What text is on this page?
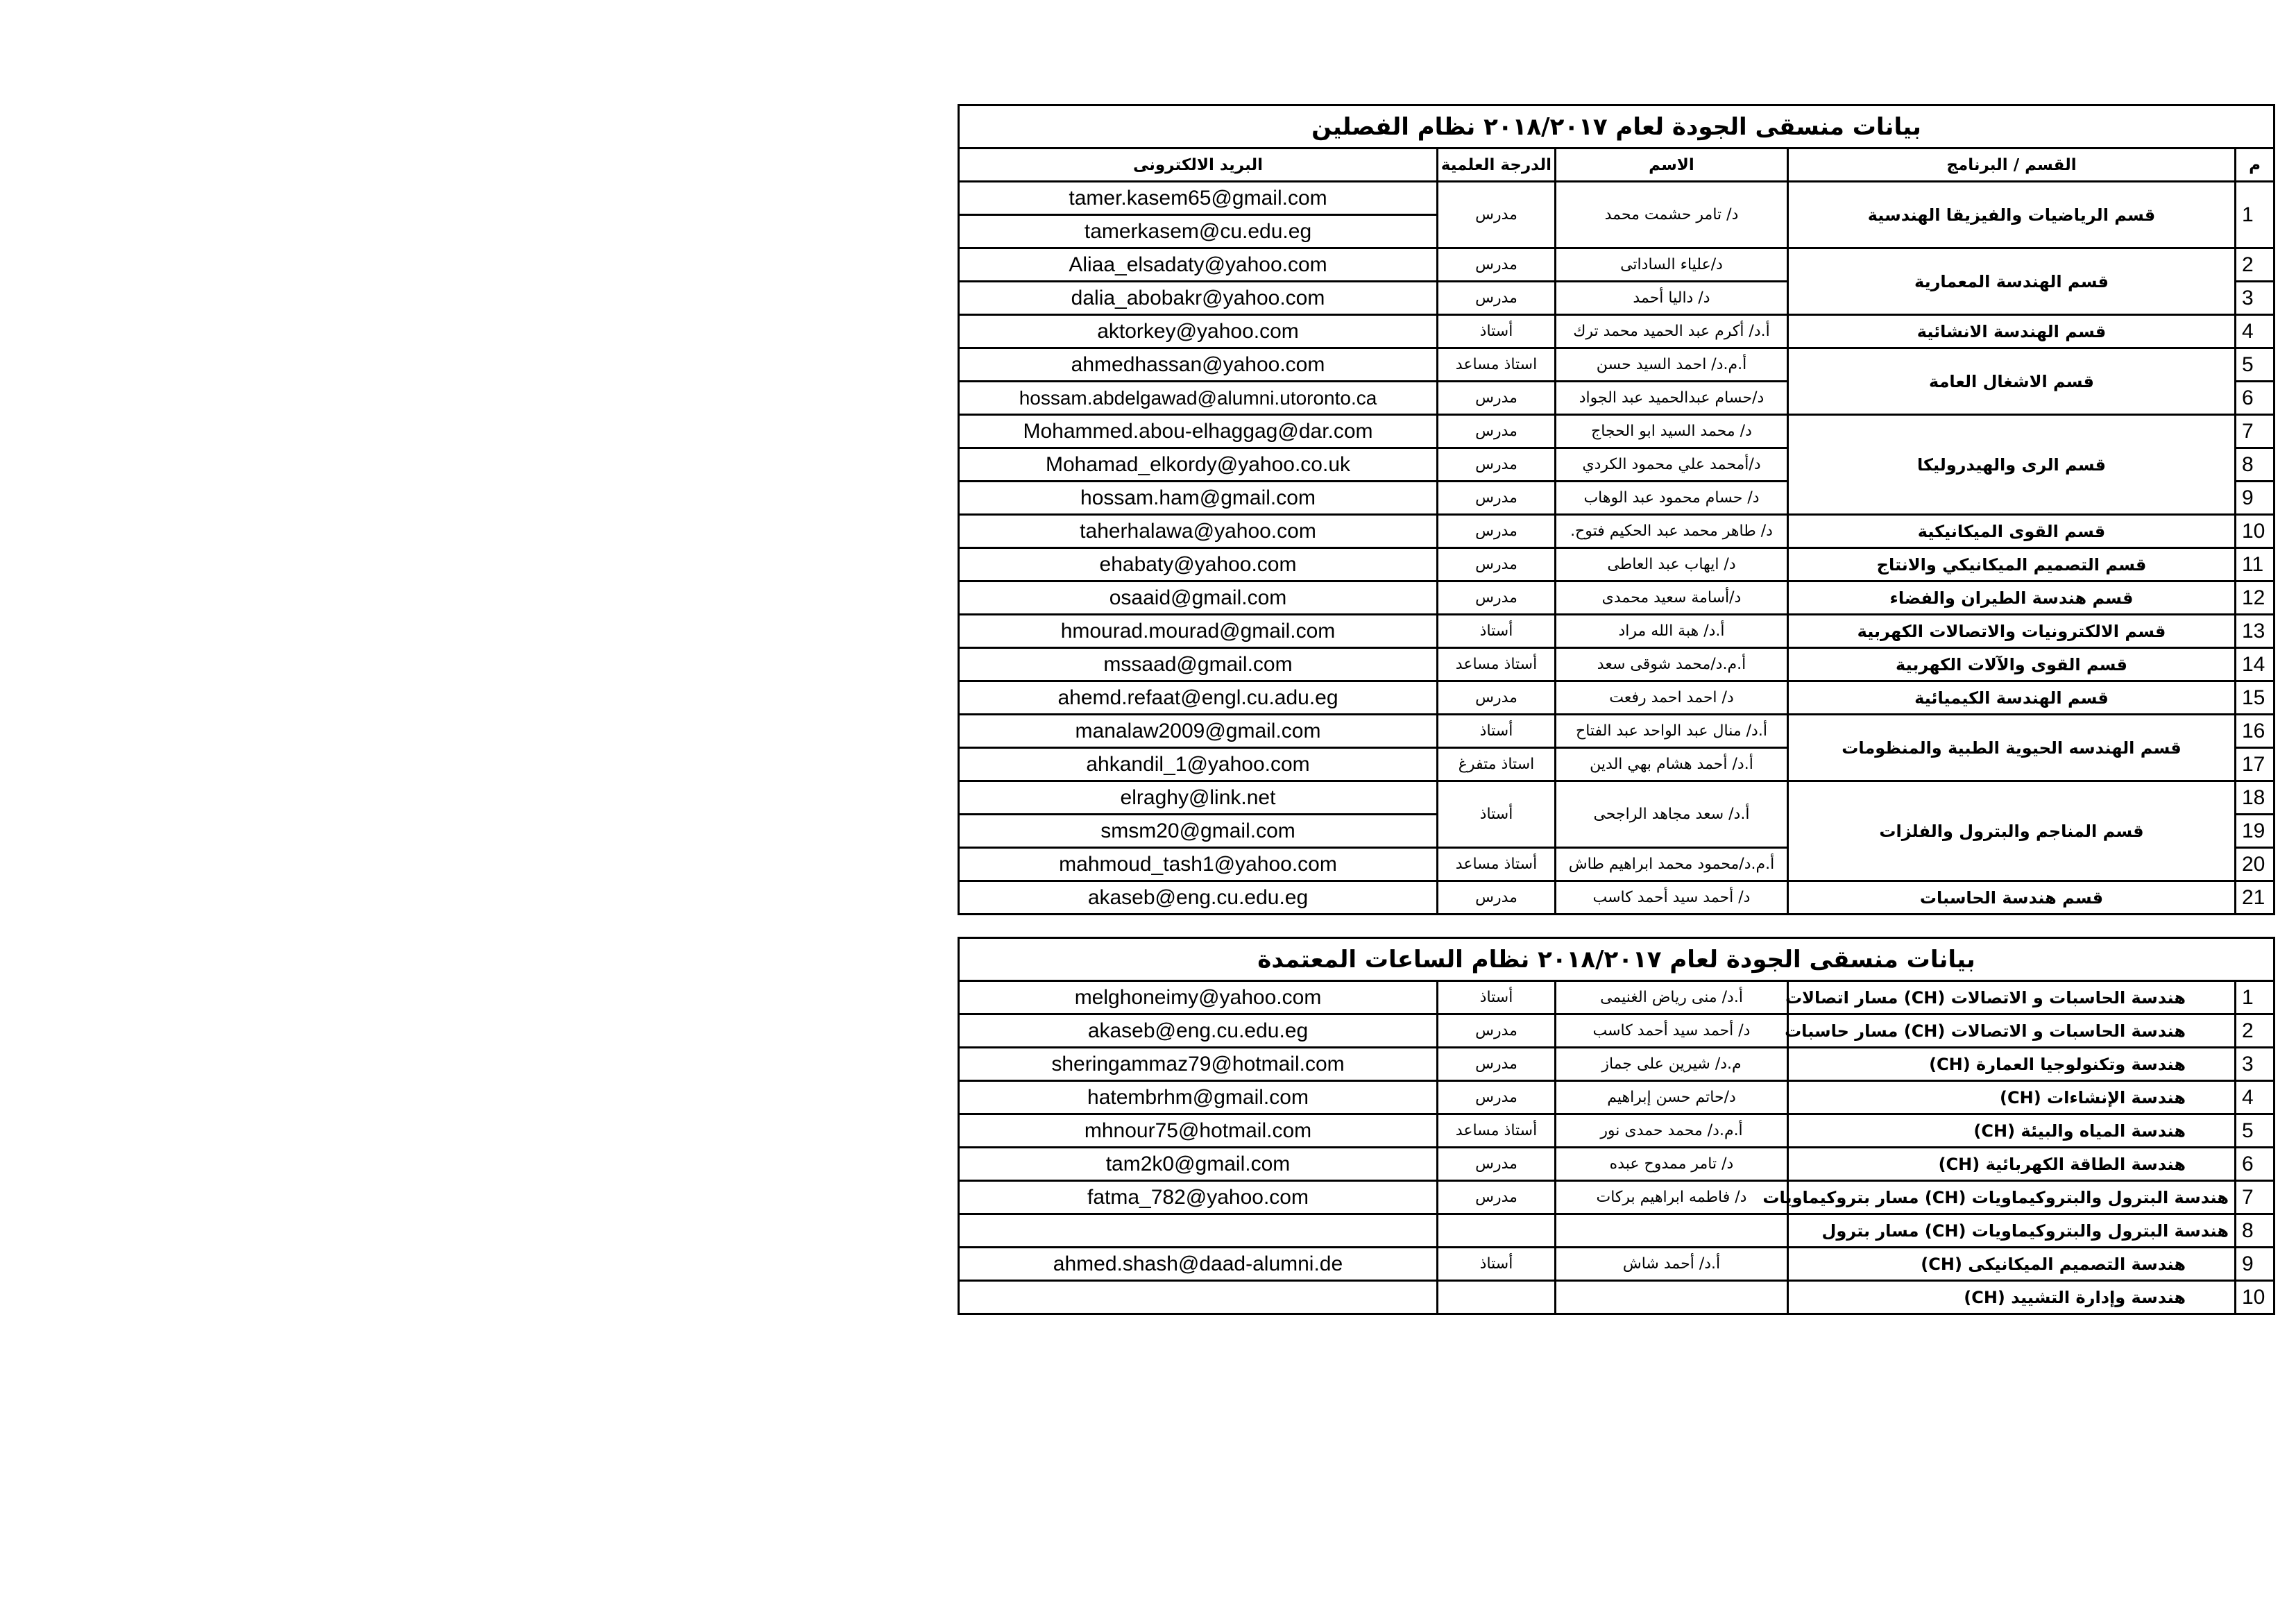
بيانات منسقى الجودة لعام ٢٠١٨/٢٠١٧ نظام الفصلين				
البريد الالكترونى	الدرجة العلمية	الاسم	القسم / البرنامج	م
tamer.kasem65@gmail.com	مدرس	د/ تامر حشمت محمد	قسم الرياضيات والفيزيقا الهندسية	1
tamerkasem@cu.edu.eg				
Aliaa_elsadaty@yahoo.com	مدرس	د/علياء الساداتى	قسم الهندسة المعمارية	2
dalia_abobakr@yahoo.com	مدرس	د/ داليا أحمد		3
aktorkey@yahoo.com	أستاذ	أ.د/ أكرم عبد الحميد محمد ترك	قسم الهندسة الانشائية	4
ahmedhassan@yahoo.com	استاذ مساعد	أ.م.د/ احمد السيد حسن	قسم الاشغال العامة	5
hossam.abdelgawad@alumni.utoronto.ca	مدرس	د/حسام عبدالحميد عبد الجواد		6
Mohammed.abou-elhaggag@dar.com	مدرس	د/ محمد السيد ابو الحجاج	قسم الرى والهيدروليكا	7
Mohamad_elkordy@yahoo.co.uk	مدرس	د/أمحمد علي محمود الكردي		8
hossam.ham@gmail.com	مدرس	د/ حسام محمود عبد الوهاب		9
taherhalawa@yahoo.com	مدرس	د/ طاهر محمد عبد الحكيم فتوح.	قسم القوى الميكانيكية	10
ehabaty@yahoo.com	مدرس	د/ ايهاب عبد العاطى	قسم التصميم الميكانيكي والانتاج	11
osaaid@gmail.com	مدرس	د/أسامة سعيد محمدى	قسم هندسة الطيران والفضاء	12
hmourad.mourad@gmail.com	أستاذ	أ.د/ هبة الله مراد	قسم الالكترونيات والاتصالات الكهربية	13
mssaad@gmail.com	أستاذ مساعد	أ.م.د/محمد شوقى سعد	قسم القوى والآلات الكهربية	14
ahemd.refaat@engl.cu.adu.eg	مدرس	د/ احمد احمد رفعت	قسم الهندسة الكيميائية	15
manalaw2009@gmail.com	أستاذ	أ.د/ منال عبد الواحد عبد الفتاح	قسم الهندسه الحيوية الطبية والمنظومات	16
ahkandil_1@yahoo.com	استاذ متفرغ	أ.د/ أحمد هشام بهي الدين		17
elraghy@link.net	أستاذ	أ.د/ سعد مجاهد الراجحى	قسم المناجم والبترول والفلزات	18
smsm20@gmail.com				19
mahmoud_tash1@yahoo.com	أستاذ مساعد	أ.م.د/محمود محمد ابراهيم طاش		20
akaseb@eng.cu.edu.eg	مدرس	د/ أحمد سيد أحمد كاسب	قسم هندسة الحاسبات	21
بيانات منسقى الجودة لعام ٢٠١٨/٢٠١٧ نظام الساعات المعتمدة				
melghoneimy@yahoo.com	أستاذ	أ.د/ منى رياض الغنيمى	هندسة الحاسبات و الاتصالات (CH) مسار اتصالات	1
akaseb@eng.cu.edu.eg	مدرس	د/ أحمد سيد أحمد كاسب	هندسة الحاسبات و الاتصالات (CH) مسار حاسبات	2
sheringammaz79@hotmail.com	مدرس	م.د/ شيرين على جماز	هندسة وتكنولوجيا العمارة (CH)	3
hatembrhm@gmail.com	مدرس	د/حاتم حسن إبراهيم	هندسة الإنشاءات (CH)	4
mhnour75@hotmail.com	أستاذ مساعد	أ.م.د/ محمد حمدى نور	هندسة المياه والبيئة (CH)	5
tam2k0@gmail.com	مدرس	د/ تامر ممدوح عبده	هندسة الطاقة الكهربائية (CH)	6
fatma_782@yahoo.com	مدرس	د/ فاطمه ابراهيم بركات	هندسة البترول والبتروكيماويات (CH) مسار بتروكيماويات	7
			هندسة البترول والبتروكيماويات (CH) مسار بترول	8
ahmed.shash@daad-alumni.de	أستاذ	أ.د/ أحمد شاش	هندسة التصميم الميكانيكى (CH)	9
			هندسة وإدارة التشييد (CH)	10
